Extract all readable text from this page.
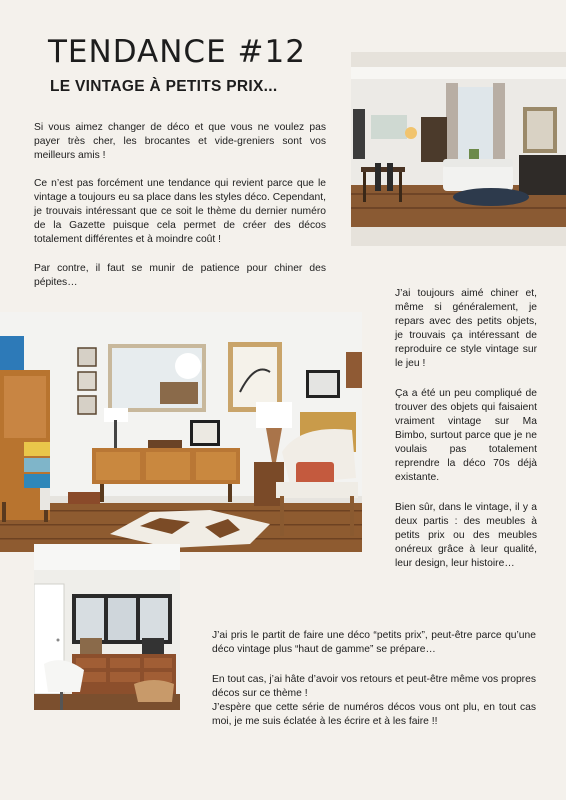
TENDANCE #12
LE VINTAGE À PETITS PRIX...
Si vous aimez changer de déco et que vous ne voulez pas payer très cher, les brocantes et vide-greniers sont vos meilleurs amis !
Ce n’est pas forcément une tendance qui revient parce que le vintage a toujours eu sa place dans les styles déco. Cependant, je trouvais intéressant que ce soit le thème du dernier numéro de la Gazette puisque cela permet de créer des décos totalement différentes et à moindre coût !
Par contre, il faut se munir de patience pour chiner des pépites…
J’ai toujours aimé chiner et, même si généralement, je repars avec des petits objets, je trouvais ça intéressant de reproduire ce style vintage sur le jeu !
Ça a été un peu compliqué de trouver des objets qui faisaient vraiment vintage sur Ma Bimbo, surtout parce que je ne voulais pas totalement reprendre la déco 70s déjà existante.
Bien sûr, dans le vintage, il y a deux partis : des meubles à petits prix ou des meubles onéreux grâce à leur qualité, leur design, leur histoire…
J’ai pris le partit de faire une déco “petits prix”, peut-être parce qu’une déco vintage plus “haut de gamme” se prépare…
En tout cas, j’ai hâte d’avoir vos retours et peut-être même vos propres décos sur ce thème !
J’espère que cette série de numéros décos vous ont plu, en tout cas moi, je me suis éclatée à les écrire et à les faire !!
